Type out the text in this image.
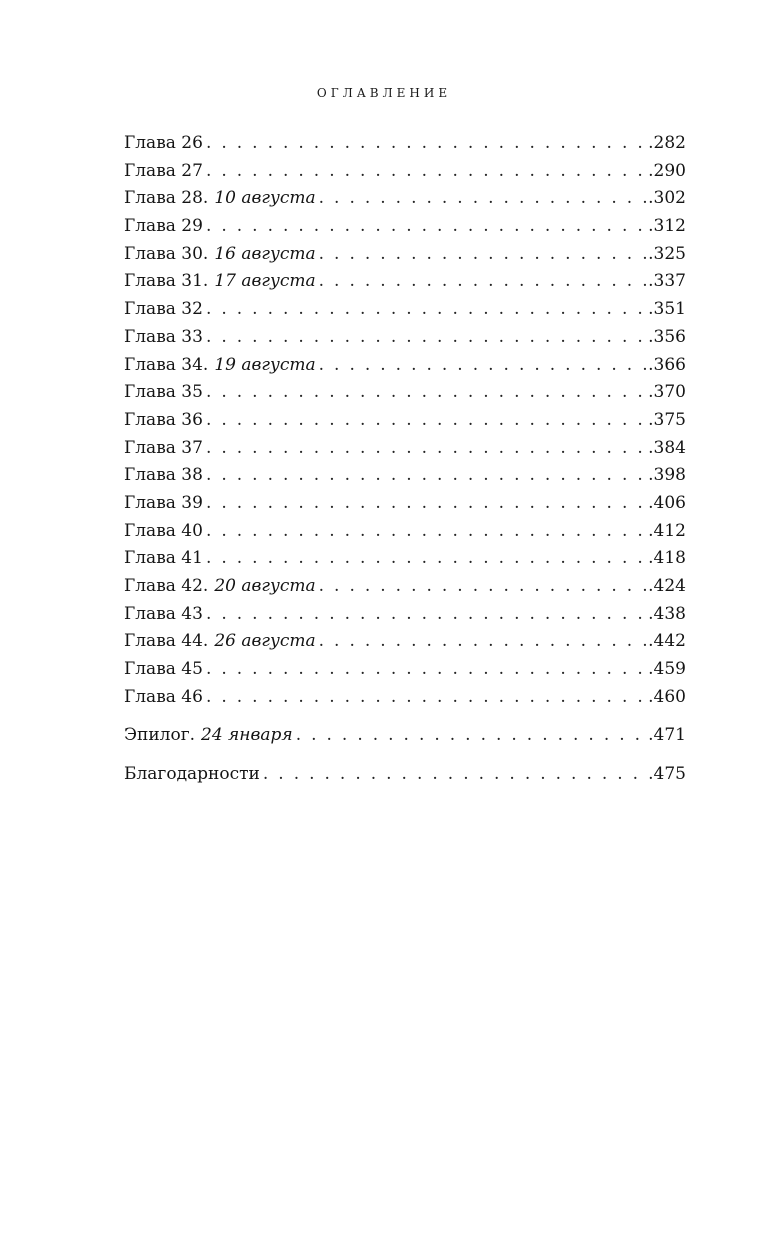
ОГЛАВЛЕНИЕ
Глава 26 . . .	.282
Глава 27 . . .	.290
Глава 28. 10 августа . . .	.302
Глава 29 . . .	.312
Глава 30. 16 августа . . .	.325
Глава 31. 17 августа . . .	.337
Глава 32 . . .	.351
Глава 33 . . .	.356
Глава 34. 19 августа . . .	.366
Глава 35 . . .	.370
Глава 36 . . .	.375
Глава 37 . . .	.384
Глава 38 . . .	.398
Глава 39 . . .	.406
Глава 40 . . .	.412
Глава 41 . . .	.418
Глава 42. 20 августа . . .	.424
Глава 43 . . .	.438
Глава 44. 26 августа . . .	.442
Глава 45 . . .	.459
Глава 46 . . .	.460
Эпилог. 24 января . . .	.471
Благодарности . . .	.475
